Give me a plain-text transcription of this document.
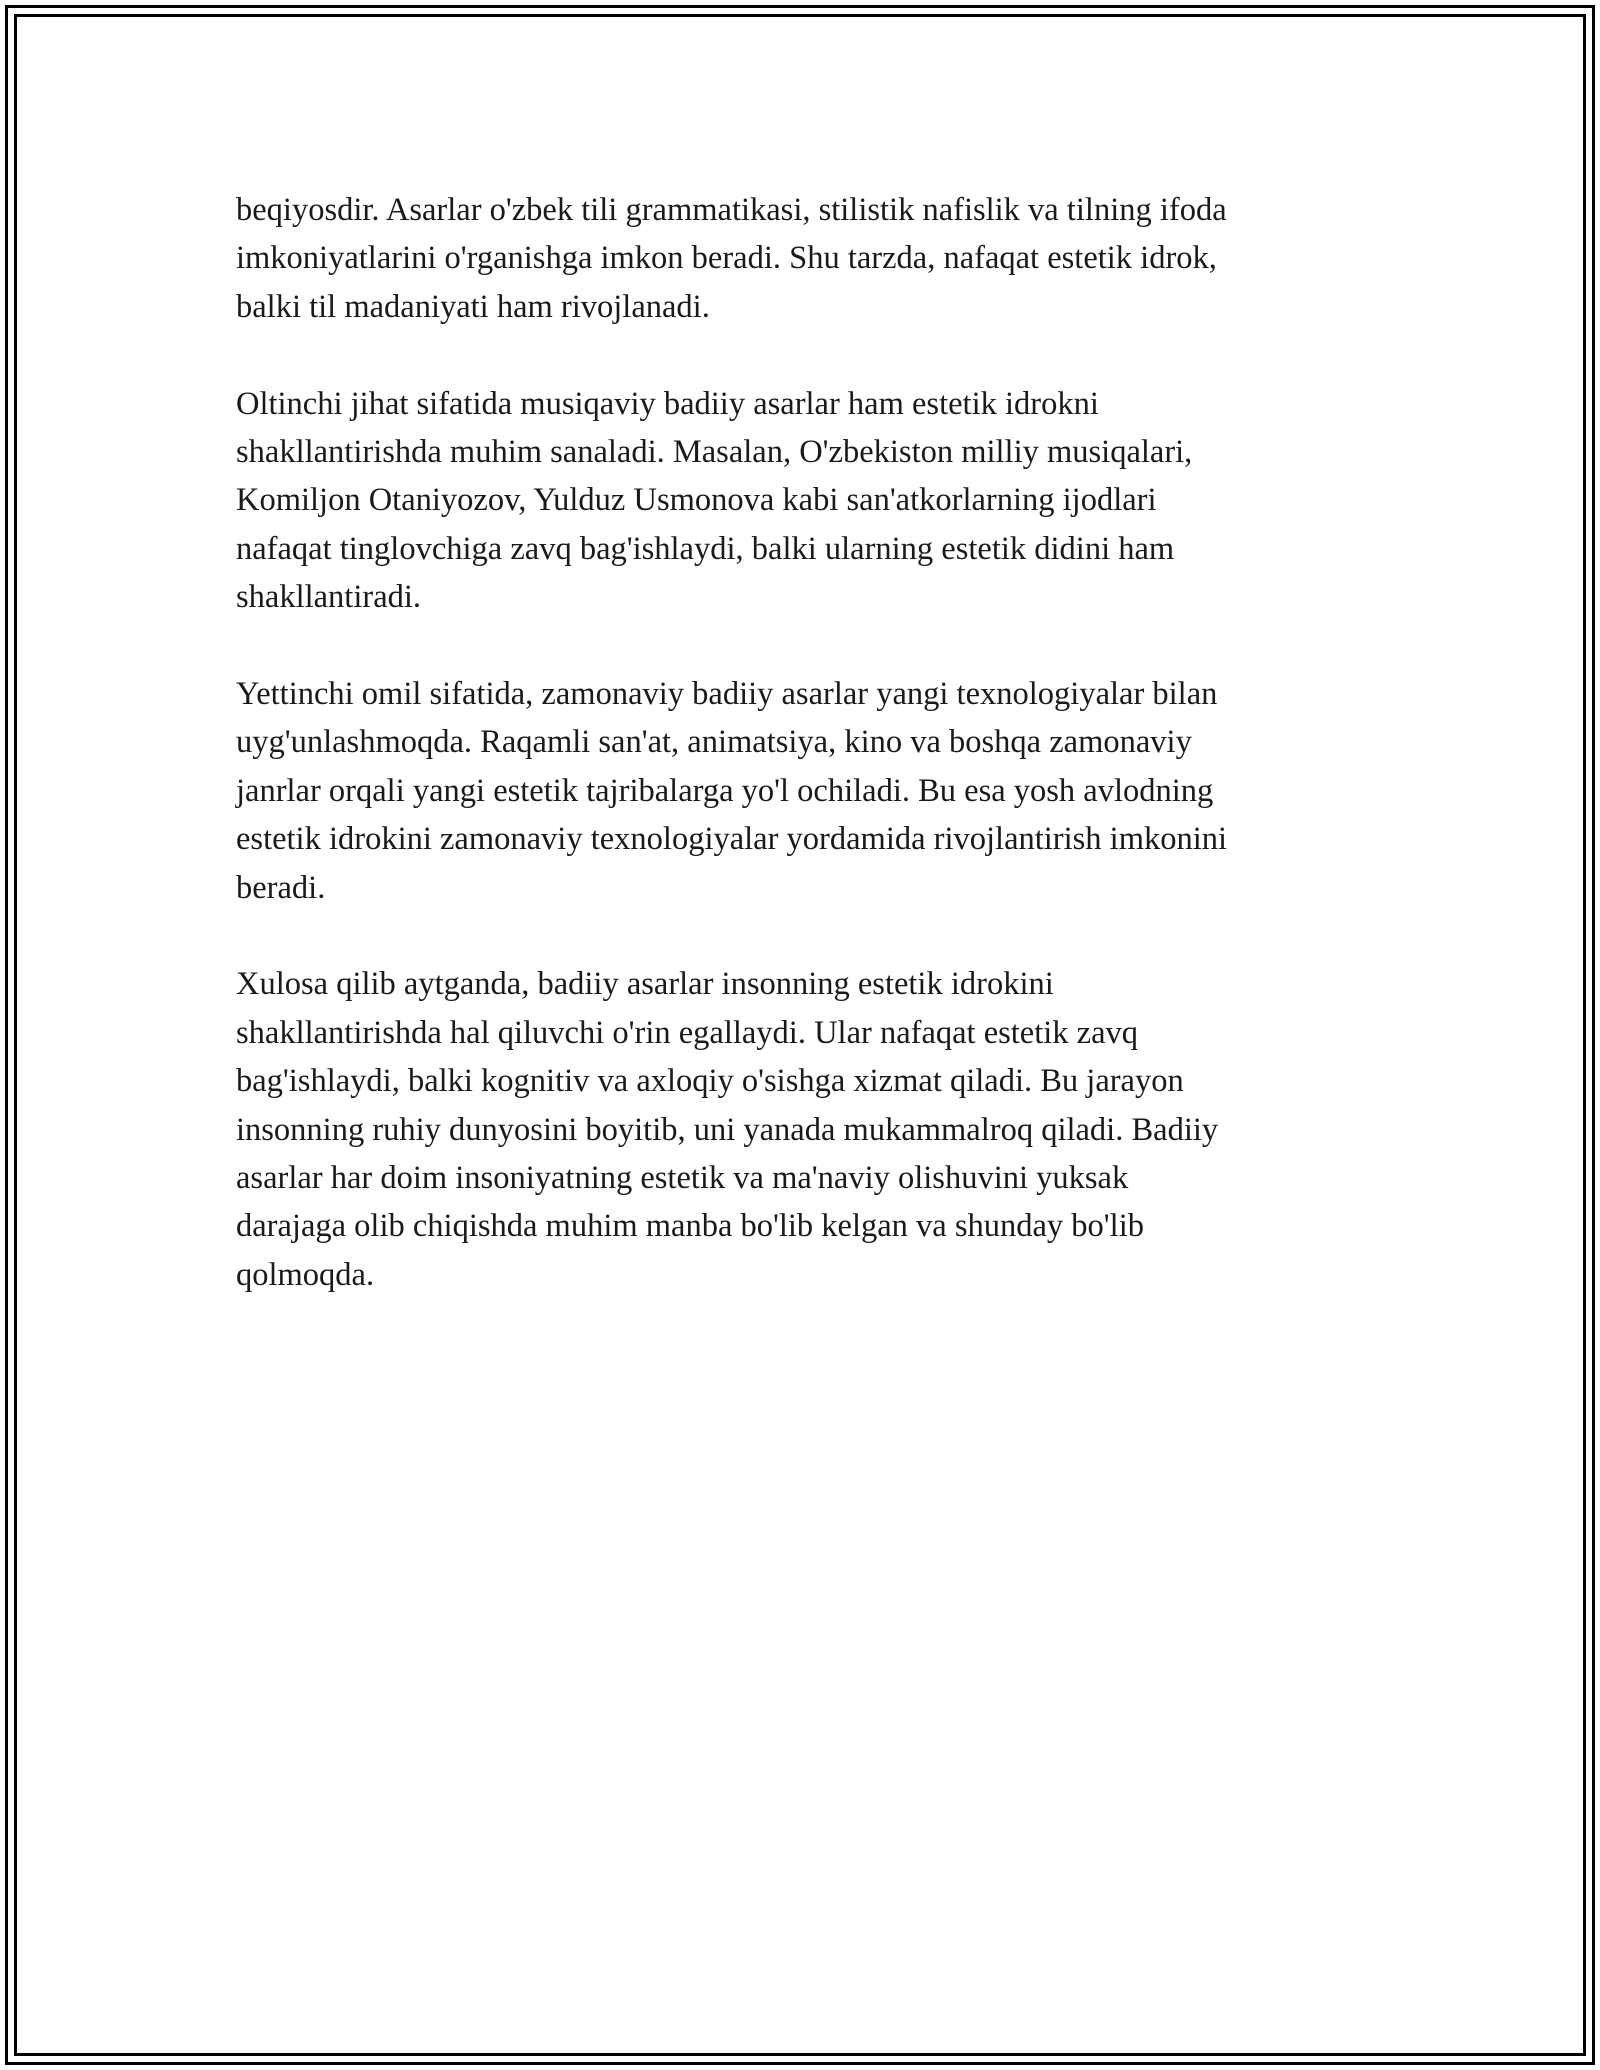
beqiyosdir. Asarlar o'zbek tili grammatikasi, stilistik nafislik va tilning ifoda
imkoniyatlarini o'rganishga imkon beradi. Shu tarzda, nafaqat estetik idrok,
balki til madaniyati ham rivojlanadi.

Oltinchi jihat sifatida musiqaviy badiiy asarlar ham estetik idrokni
shakllantirishda muhim sanaladi. Masalan, O'zbekiston milliy musiqalari,
Komiljon Otaniyozov, Yulduz Usmonova kabi san'atkorlarning ijodlari
nafaqat tinglovchiga zavq bag'ishlaydi, balki ularning estetik didini ham
shakllantiradi.

Yettinchi omil sifatida, zamonaviy badiiy asarlar yangi texnologiyalar bilan
uyg'unlashmoqda. Raqamli san'at, animatsiya, kino va boshqa zamonaviy
janrlar orqali yangi estetik tajribalarga yo'l ochiladi. Bu esa yosh avlodning
estetik idrokini zamonaviy texnologiyalar yordamida rivojlantirish imkonini
beradi.

Xulosa qilib aytganda, badiiy asarlar insonning estetik idrokini
shakllantirishda hal qiluvchi o'rin egallaydi. Ular nafaqat estetik zavq
bag'ishlaydi, balki kognitiv va axloqiy o'sishga xizmat qiladi. Bu jarayon
insonning ruhiy dunyosini boyitib, uni yanada mukammalroq qiladi. Badiiy
asarlar har doim insoniyatning estetik va ma'naviy olishuvini yuksak
darajaga olib chiqishda muhim manba bo'lib kelgan va shunday bo'lib
qolmoqda.
